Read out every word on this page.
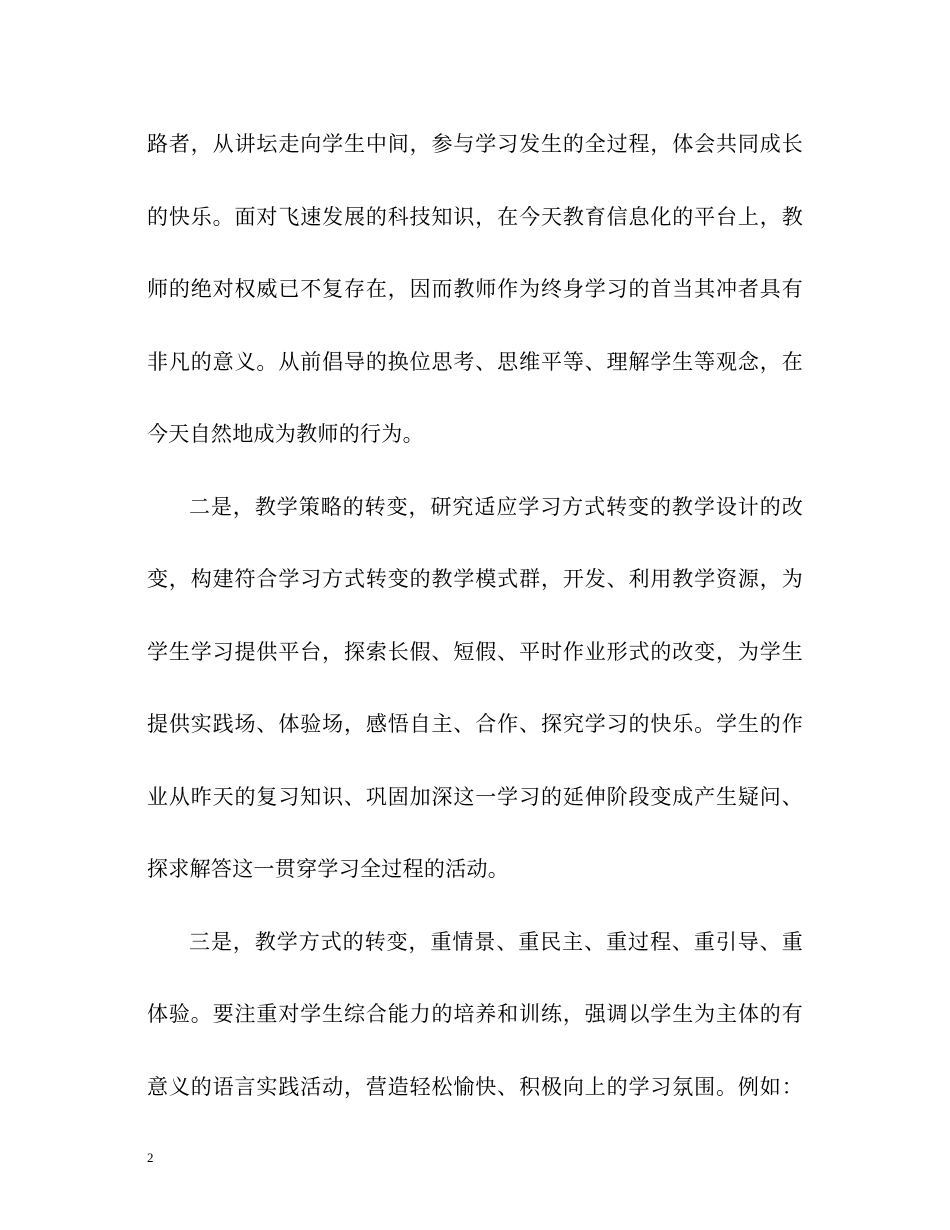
路者，从讲坛走向学生中间，参与学习发生的全过程，体会共同成长
的快乐。面对飞速发展的科技知识，在今天教育信息化的平台上，教
师的绝对权威已不复存在，因而教师作为终身学习的首当其冲者具有
非凡的意义。从前倡导的换位思考、思维平等、理解学生等观念，在
今天自然地成为教师的行为。
二是，教学策略的转变，研究适应学习方式转变的教学设计的改
变，构建符合学习方式转变的教学模式群，开发、利用教学资源，为
学生学习提供平台，探索长假、短假、平时作业形式的改变，为学生
提供实践场、体验场，感悟自主、合作、探究学习的快乐。学生的作
业从昨天的复习知识、巩固加深这一学习的延伸阶段变成产生疑问、
探求解答这一贯穿学习全过程的活动。
三是，教学方式的转变，重情景、重民主、重过程、重引导、重
体验。要注重对学生综合能力的培养和训练，强调以学生为主体的有
意义的语言实践活动，营造轻松愉快、积极向上的学习氛围。例如：
2
